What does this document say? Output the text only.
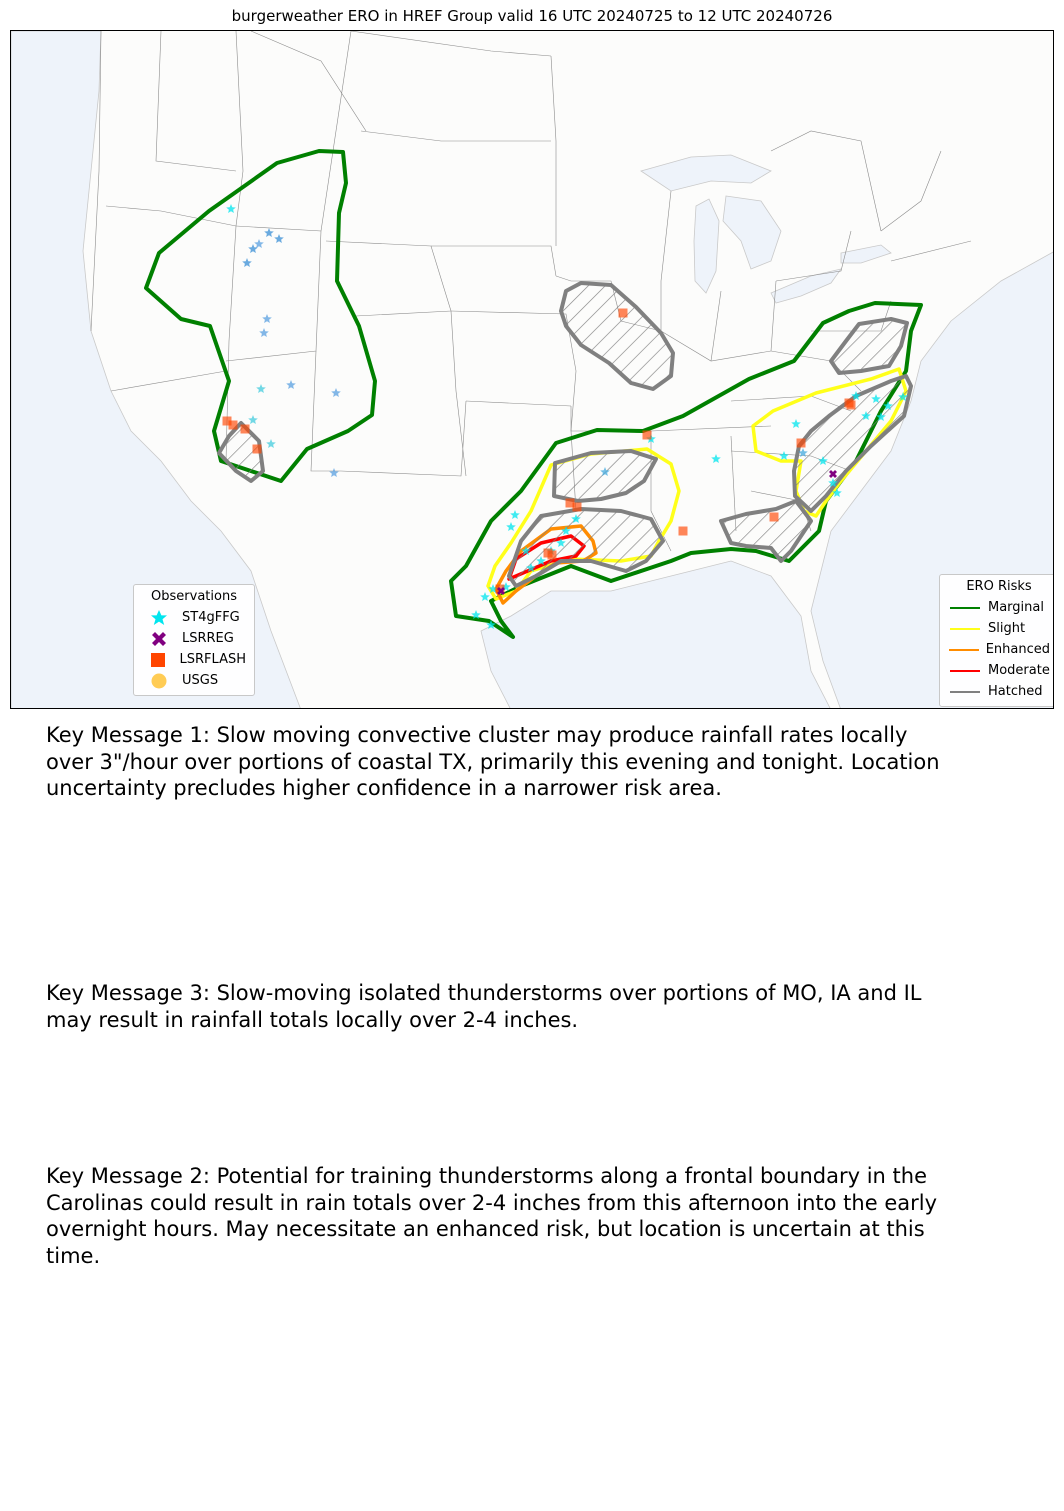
burgerweather ERO in HREF Group valid 16 UTC 20240725 to 12 UTC 20240726
Observations
ST4gFFG
LSRREG
LSRFLASH
USGS
ERO Risks
Marginal
Slight
Enhanced
Moderate
Hatched
Key Message 1: Slow moving convective cluster may produce rainfall rates locally over 3"/hour over portions of coastal TX, primarily this evening and tonight. Location uncertainty precludes higher confidence in a narrower risk area.
Key Message 3: Slow-moving isolated thunderstorms over portions of MO, IA and IL may result in rainfall totals locally over 2-4 inches.
Key Message 2: Potential for training thunderstorms along a frontal boundary in the Carolinas could result in rain totals over 2-4 inches from this afternoon into the early overnight hours. May necessitate an enhanced risk, but location is uncertain at this time.
